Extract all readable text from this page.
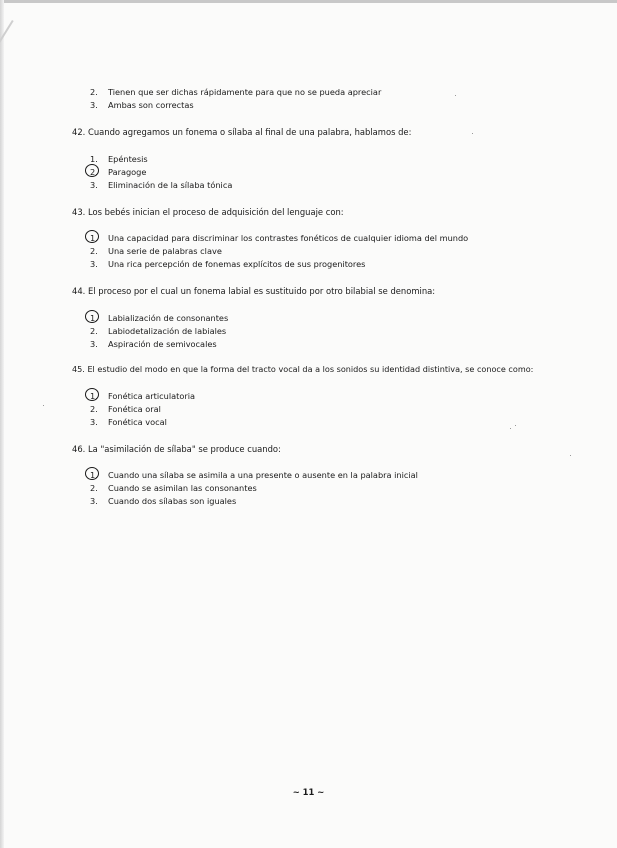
2. Tienen que ser dichas rápidamente para que no se pueda apreciar
3. Ambas son correctas
42. Cuando agregamos un fonema o sílaba al final de una palabra, hablamos de:
1. Epéntesis
2. Paragoge
3. Eliminación de la sílaba tónica
43. Los bebés inician el proceso de adquisición del lenguaje con:
1. Una capacidad para discriminar los contrastes fonéticos de cualquier idioma del mundo
2. Una serie de palabras clave
3. Una rica percepción de fonemas explícitos de sus progenitores
44. El proceso por el cual un fonema labial es sustituido por otro bilabial se denomina:
1. Labialización de consonantes
2. Labiodetalización de labiales
3. Aspiración de semivocales
45. El estudio del modo en que la forma del tracto vocal da a los sonidos su identidad distintiva, se conoce como:
1. Fonética articulatoria
2. Fonética oral
3. Fonética vocal
46. La "asimilación de sílaba" se produce cuando:
1. Cuando una sílaba se asimila a una presente o ausente en la palabra inicial
2. Cuando se asimilan las consonantes
3. Cuando dos sílabas son iguales
~ 11 ~
